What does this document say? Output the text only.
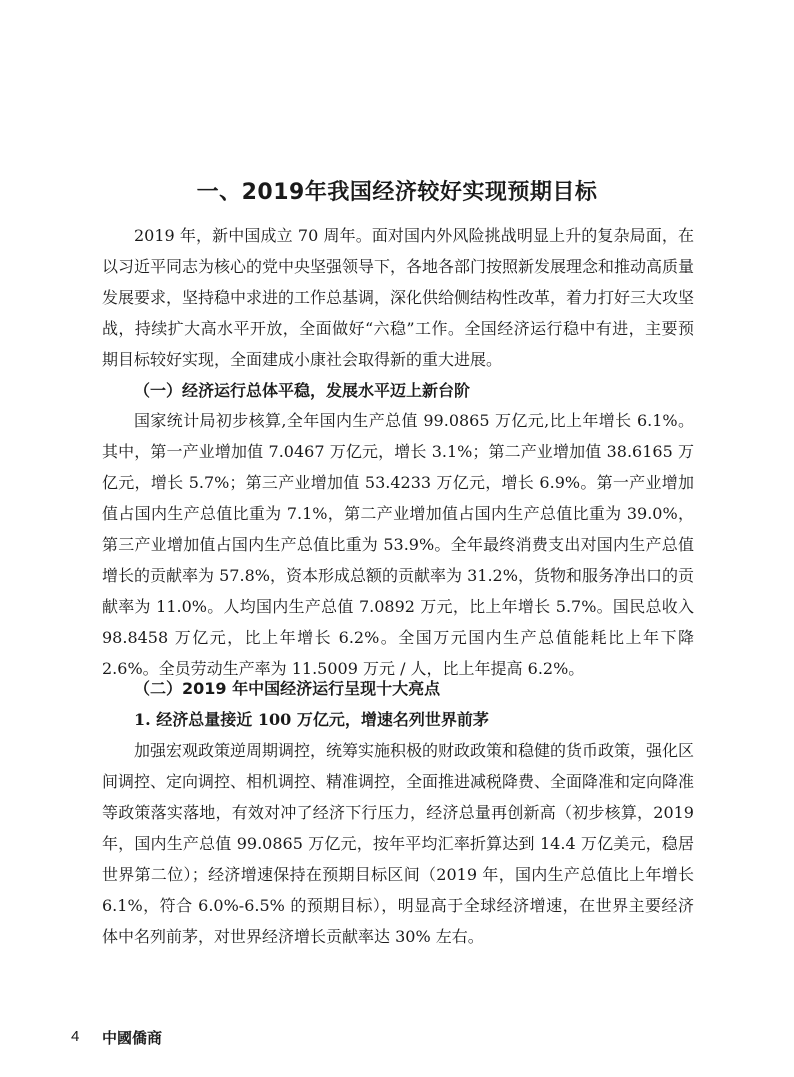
一、2019年我国经济较好实现预期目标

2019 年，新中国成立 70 周年。面对国内外风险挑战明显上升的复杂局面，在以习近平同志为核心的党中央坚强领导下，各地各部门按照新发展理念和推动高质量发展要求，坚持稳中求进的工作总基调，深化供给侧结构性改革，着力打好三大攻坚战，持续扩大高水平开放，全面做好“六稳”工作。全国经济运行稳中有进，主要预期目标较好实现，全面建成小康社会取得新的重大进展。

（一）经济运行总体平稳，发展水平迈上新台阶

国家统计局初步核算,全年国内生产总值 99.0865 万亿元,比上年增长 6.1%。其中，第一产业增加值 7.0467 万亿元，增长 3.1%；第二产业增加值 38.6165 万亿元，增长 5.7%；第三产业增加值 53.4233 万亿元，增长 6.9%。第一产业增加值占国内生产总值比重为 7.1%，第二产业增加值占国内生产总值比重为 39.0%，第三产业增加值占国内生产总值比重为 53.9%。全年最终消费支出对国内生产总值增长的贡献率为 57.8%，资本形成总额的贡献率为 31.2%，货物和服务净出口的贡献率为 11.0%。人均国内生产总值 7.0892 万元，比上年增长 5.7%。国民总收入 98.8458 万亿元，比上年增长 6.2%。全国万元国内生产总值能耗比上年下降 2.6%。全员劳动生产率为 11.5009 万元 / 人，比上年提高 6.2%。

（二）2019 年中国经济运行呈现十大亮点
1. 经济总量接近 100 万亿元，增速名列世界前茅

加强宏观政策逆周期调控，统筹实施积极的财政政策和稳健的货币政策，强化区间调控、定向调控、相机调控、精准调控，全面推进减税降费、全面降准和定向降准等政策落实落地，有效对冲了经济下行压力，经济总量再创新高（初步核算，2019 年，国内生产总值 99.0865 万亿元，按年平均汇率折算达到 14.4 万亿美元，稳居世界第二位）；经济增速保持在预期目标区间（2019 年，国内生产总值比上年增长 6.1%，符合 6.0%-6.5% 的预期目标），明显高于全球经济增速，在世界主要经济体中名列前茅，对世界经济增长贡献率达 30% 左右。

4 中國僑商
